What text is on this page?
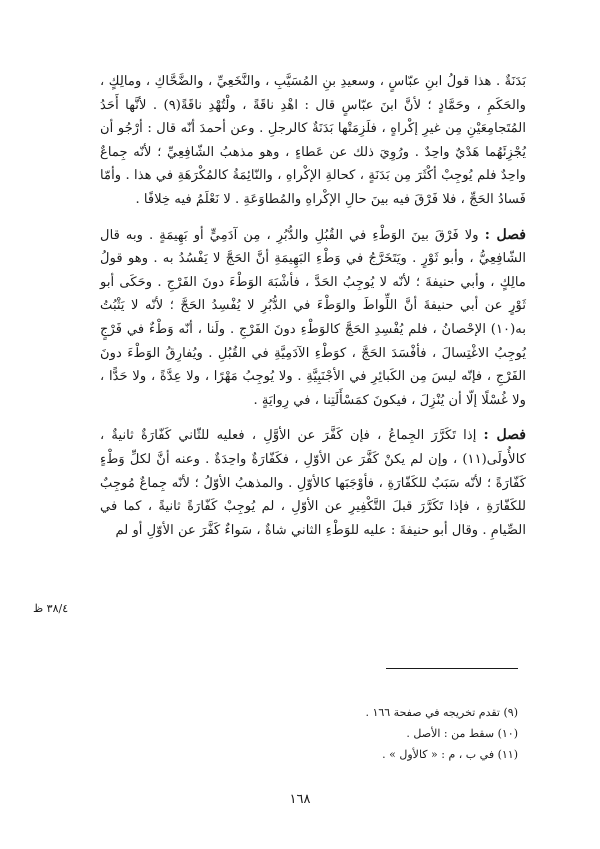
بَدَنَةٌ . هذا قولُ ابنِ عبّاسٍ ، وسعيدِ بنِ المُسَيَّبِ ، والنَّخَعِيِّ ، والضَّحَّاكِ ، ومالِكٍ ، والحَكَمِ ، وحَمَّادٍ ؛ لأنَّ ابنَ عبّاسٍ قال : اهْدِ ناقَةً ، ولْتُهْدِ ناقَةً(٩) . لأنَّها أَحَدُ المُتَجامِعَيْنِ مِن غيرِ إكْراهٍ ، فلَزِمَتْها بَدَنَةٌ كالرجلِ . وعن أحمدَ أنّه قال : أرْجُو أن يُجْزِئَهُما هَدْيٌ واحِدٌ . ورُوِيَ ذلك عن عَطاءٍ ، وهو مذهبُ الشّافِعِيِّ ؛ لأنّه جِماعٌ واحِدٌ فلم يُوجِبْ أكْثَرَ مِن بَدَنَةٍ ، كحالةِ الإكْراهِ ، والنّائِمَةُ كالمُكْرَهَةِ في هذا . وأمّا فَسادُ الحَجِّ ، فلا فَرْقَ فيه بينَ حالِ الإكْراهِ والمُطاوَعَةِ . لا نَعْلَمُ فيه خِلافًا .

فصل : ولا فَرْقَ بينَ الوَطْءِ في القُبُلِ والدُّبُرِ ، مِن آدَمِيٍّ أو بَهِيمَةٍ . وبه قال الشّافِعِيُّ ، وأبو ثَوْرٍ . ويَتَخَرَّجُ في وَطْءِ البَهِيمَةِ أنَّ الحَجَّ لا يَفْسُدُ به . وهو قولُ مالِكٍ ، وأبي حنيفةَ ؛ لأنّه لا يُوجِبُ الحَدَّ ، فأشْبَهَ الوَطْءَ دونَ الفَرْجِ . وحَكَى أبو ثَوْرٍ عن أبي حنيفةَ أنَّ اللِّواطَ والوَطْءَ في الدُّبُرِ لا يُفْسِدُ الحَجَّ ؛ لأنّه لا يَثْبُتُ به(١٠) الإحْصانُ ، فلم يُفْسِدِ الحَجَّ كالوَطْءِ دونَ الفَرْجِ . ولَنا ، أنّه وَطْءٌ في فَرْجٍ يُوجِبُ الاغْتِسالَ ، فأفْسَدَ الحَجَّ ، كوَطْءِ الآدَمِيَّةِ في القُبُلِ . ويُفارِقُ الوَطْءَ دونَ الفَرْجِ ، فإنّه ليسَ مِن الكَبائِرِ في الأجْنَبِيَّةِ . ولا يُوجِبُ مَهْرًا ، ولا عِدَّةً ، ولا حَدًّا ، ولا غُسْلًا إلّا أن يُنْزِلَ ، فيكونَ كمَسْأَلَتِنا ، في رِوايَةٍ .

فصل : إذا تَكَرَّرَ الجِماعُ ، فإن كَفَّرَ عن الأوَّلِ ، فعليه للثّاني كَفّارَةٌ ثانيةٌ ، كالأُولَى(١١) ، وإن لم يكنْ كَفَّرَ عن الأوّلِ ، فكَفّارَةٌ واحِدَةٌ . وعنه أنَّ لكلِّ وَطْءٍ كَفّارَةً ؛ لأنّه سَبَبٌ للكَفّارَةِ ، فأوْجَبَها كالأوّلِ . والمذهبُ الأوّلُ ؛ لأنّه جِماعٌ مُوجِبٌ للكَفّارَةِ ، فإذا تَكَرَّرَ قبلَ التَّكْفِيرِ عن الأوّلِ ، لم يُوجِبْ كَفّارَةً ثانيةً ، كما في الصِّيامِ . وقال أبو حنيفةَ : عليه للوَطْءِ الثاني شاةٌ ، سَواءٌ كَفَّرَ عن الأوّلِ أو لم

٣٨/٤ ظ
(٩) تقدم تخريجه في صفحة ١٦٦ .
(١٠) سقط من : الأصل .
(١١) في ب ، م : « كالأول » .
١٦٨
